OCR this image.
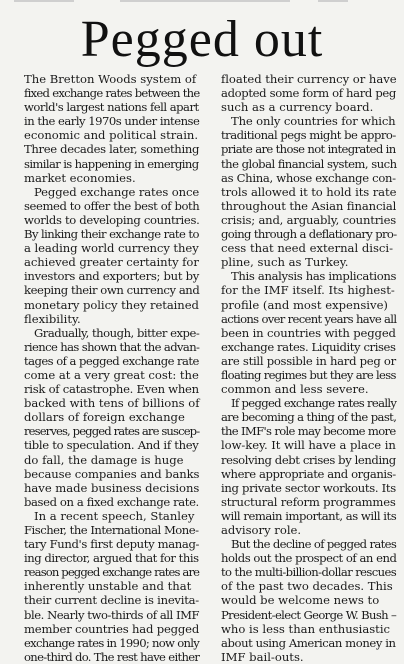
Pegged out

The Bretton Woods system of
fixed exchange rates between the
world's largest nations fell apart
in the early 1970s under intense
economic and political strain.
Three decades later, something
similar is happening in emerging
market economies.

Pegged exchange rates once
seemed to offer the best of both
worlds to developing countries.
By linking their exchange rate to
a leading world currency they
achieved greater certainty for
investors and exporters; but by
keeping their own currency and
monetary policy they retained
flexibility.

Gradually, though, bitter expe-
rience has shown that the advan-
tages of a pegged exchange rate
come at a very great cost: the
risk of catastrophe. Even when
backed with tens of billions of
dollars of foreign exchange
reserves, pegged rates are suscep-
tible to speculation. And if they
do fall, the damage is huge
because companies and banks
have made business decisions
based on a fixed exchange rate.

In a recent speech, Stanley
Fischer, the International Mone-
tary Fund's first deputy manag-
ing director, argued that for this
reason pegged exchange rates are
inherently unstable and that
their current decline is inevita-
ble. Nearly two-thirds of all IMF
member countries had pegged
exchange rates in 1990; now only
one-third do. The rest have either

floated their currency or have
adopted some form of hard peg
such as a currency board.

The only countries for which
traditional pegs might be appro-
priate are those not integrated in
the global financial system, such
as China, whose exchange con-
trols allowed it to hold its rate
throughout the Asian financial
crisis; and, arguably, countries
going through a deflationary pro-
cess that need external disci-
pline, such as Turkey.

This analysis has implications
for the IMF itself. Its highest-
profile (and most expensive)
actions over recent years have all
been in countries with pegged
exchange rates. Liquidity crises
are still possible in hard peg or
floating regimes but they are less
common and less severe.

If pegged exchange rates really
are becoming a thing of the past,
the IMF's role may become more
low-key. It will have a place in
resolving debt crises by lending
where appropriate and organis-
ing private sector workouts. Its
structural reform programmes
will remain important, as will its
advisory role.

But the decline of pegged rates
holds out the prospect of an end
to the multi-billion-dollar rescues
of the past two decades. This
would be welcome news to
President-elect George W. Bush –
who is less than enthusiastic
about using American money in
IMF bail-outs.
